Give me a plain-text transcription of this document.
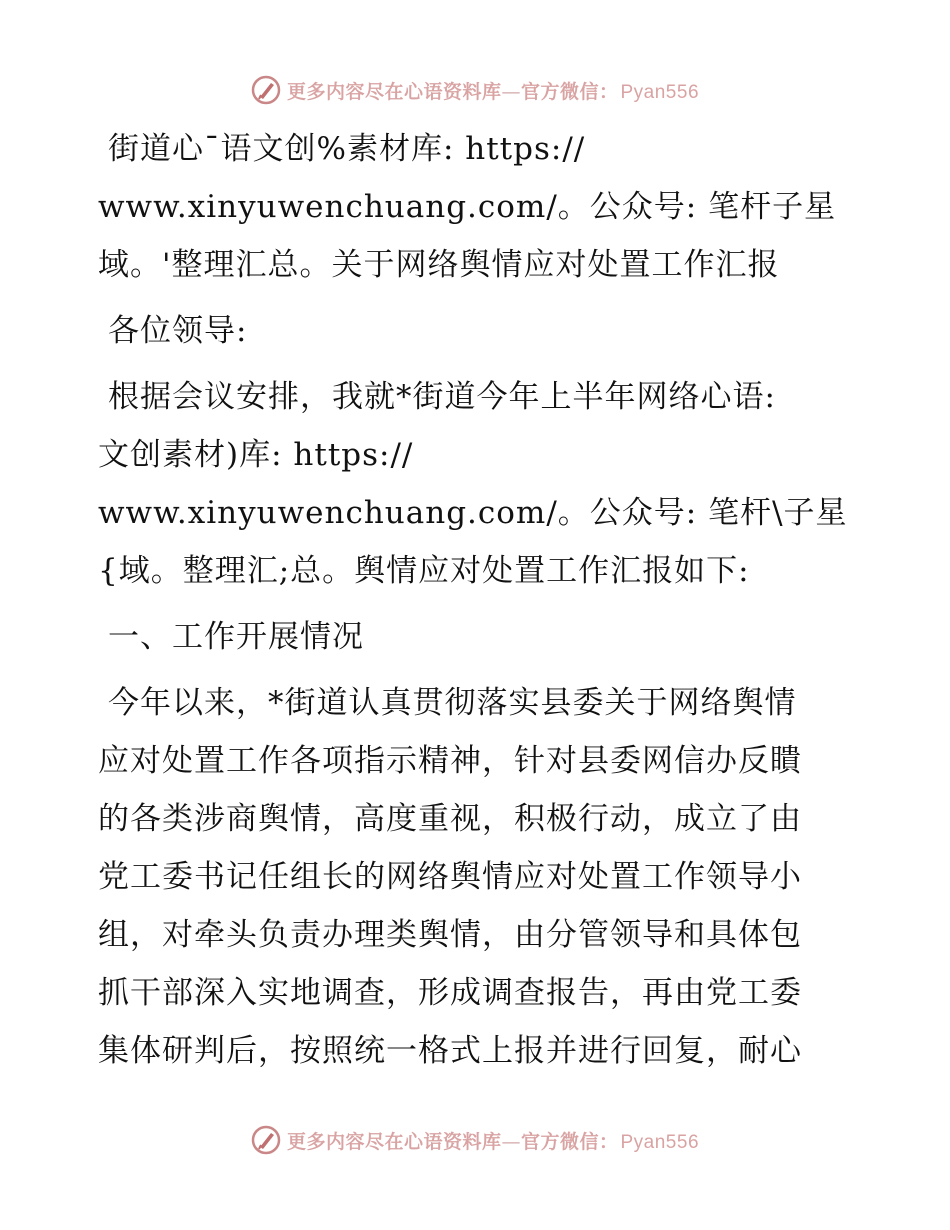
更多内容尽在心语资料库—官方微信： Pyan556
街道心¯语文创%素材库: https://
www.xinyuwenchuang.com/。公众号: 笔杆子星
域。'整理汇总。关于网络舆情应对处置工作汇报
各位领导:
根据会议安排，我就*街道今年上半年网络心语:
文创素材)库: https://
www.xinyuwenchuang.com/。公众号: 笔杆\子星
{域。整理汇;总。舆情应对处置工作汇报如下:
一、工作开展情况
今年以来，*街道认真贯彻落实县委关于网络舆情
应对处置工作各项指示精神，针对县委网信办反瞶
的各类涉商舆情，高度重视，积极行动，成立了由
党工委书记任组长的网络舆情应对处置工作领导小
组，对牵头负责办理类舆情，由分管领导和具体包
抓干部深入实地调查，形成调查报告，再由党工委
集体研判后，按照统一格式上报并进行回复，耐心
更多内容尽在心语资料库—官方微信： Pyan556
